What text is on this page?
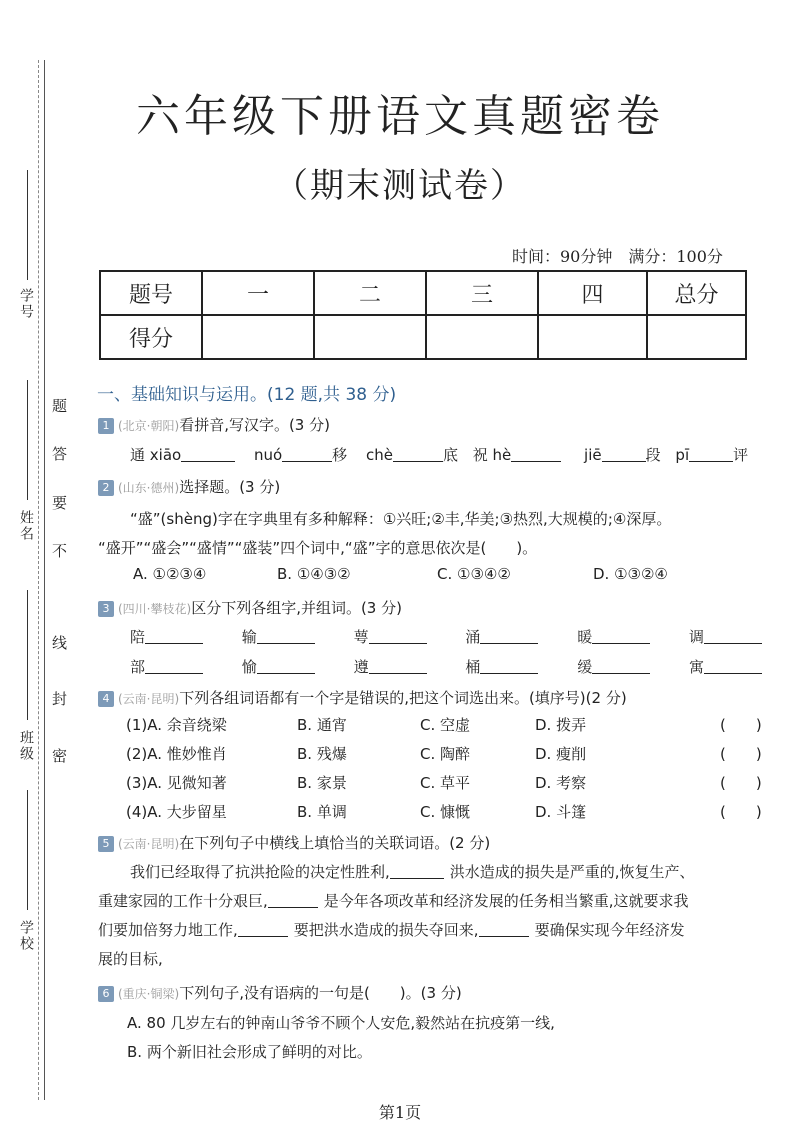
学号
姓名
班级
学校
题
答
要
不
线
封
密
六年级下册语文真题密卷
（期末测试卷）
时间：90分钟　满分：100分
题号	一	二	三	四	总分
得分					
一、基础知识与运用。(12 题,共 38 分)
1 (北京·朝阳)看拼音,写汉字。(3 分)
通 xiāo	nuó	移 chè	底 祝 hè	jiē	段 pī	评
2 (山东·德州)选择题。(3 分)
“盛”(shèng)字在字典里有多种解释：①兴旺;②丰,华美;③热烈,大规模的;④深厚。
“盛开”“盛会”“盛情”“盛装”四个词中,“盛”字的意思依次是(　　)。
A. ①②③④	B. ①④③②	C. ①③④②	D. ①③②④
3 (四川·攀枝花)区分下列各组字,并组词。(3 分)
陪	输	萼	涌	暖	调
部	愉	遵	桶	缓	寓
4 (云南·昆明)下列各组词语都有一个字是错误的,把这个词选出来。(填序号)(2 分)
(1)A. 余音绕梁	B. 通宵	C. 空虚	D. 拨弄	(　　)
(2)A. 惟妙惟肖	B. 残爆	C. 陶醉	D. 瘦削	(　　)
(3)A. 见微知著	B. 家景	C. 草平	D. 考察	(　　)
(4)A. 大步留星	B. 单调	C. 慷慨	D. 斗篷	(　　)
5 (云南·昆明)在下列句子中横线上填恰当的关联词语。(2 分)
我们已经取得了抗洪抢险的决定性胜利,	洪水造成的损失是严重的,恢复生产、
重建家园的工作十分艰巨,	是今年各项改革和经济发展的任务相当繁重,这就要求我
们要加倍努力地工作,	要把洪水造成的损失夺回来,	要确保实现今年经济发
展的目标,
6 (重庆·铜梁)下列句子,没有语病的一句是(　　)。(3 分)
A. 80 几岁左右的钟南山爷爷不顾个人安危,毅然站在抗疫第一线,
B. 两个新旧社会形成了鲜明的对比。
第1页
